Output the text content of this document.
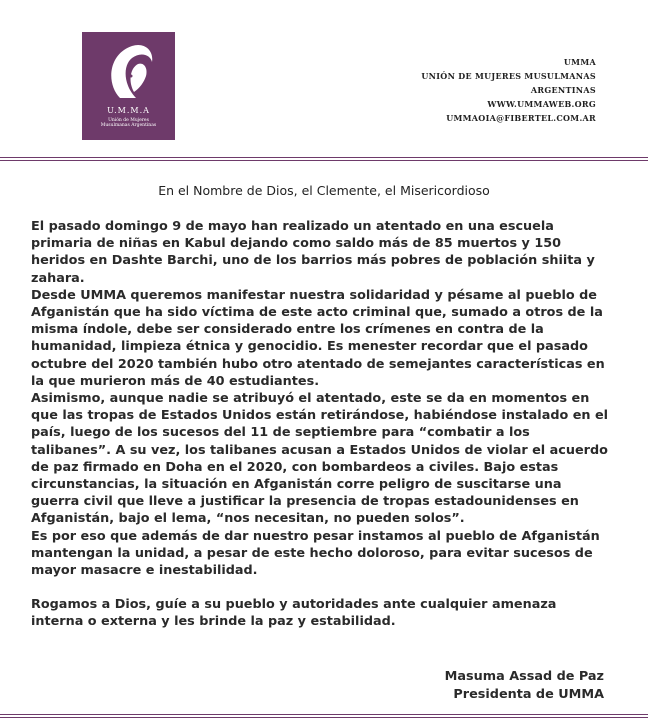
U.M.M.A
Unión de Mujeres
Musulmanas Argentinas
UMMA
UNIÓN DE MUJERES MUSULMANAS
ARGENTINAS
WWW.UMMAWEB.ORG
UMMAOIA@FIBERTEL.COM.AR
En el Nombre de Dios, el Clemente, el Misericordioso

El pasado domingo 9 de mayo han realizado un atentado en una escuela primaria de niñas en Kabul dejando como saldo más de 85 muertos y 150 heridos en Dashte Barchi, uno de los barrios más pobres de población shiita y zahara.

Desde UMMA queremos manifestar nuestra solidaridad y pésame al pueblo de Afganistán que ha sido víctima de este acto criminal que, sumado a otros de la misma índole, debe ser considerado entre los crímenes en contra de la humanidad, limpieza étnica y genocidio. Es menester recordar que el pasado octubre del 2020 también hubo otro atentado de semejantes características en la que murieron más de 40 estudiantes.

Asimismo, aunque nadie se atribuyó el atentado, este se da en momentos en que las tropas de Estados Unidos están retirándose, habiéndose instalado en el país, luego de los sucesos del 11 de septiembre para “combatir a los talibanes”. A su vez, los talibanes acusan a Estados Unidos de violar el acuerdo de paz firmado en Doha en el 2020, con bombardeos a civiles. Bajo estas circunstancias, la situación en Afganistán corre peligro de suscitarse una guerra civil que lleve a justificar la presencia de tropas estadounidenses en Afganistán, bajo el lema, “nos necesitan, no pueden solos”.

Es por eso que además de dar nuestro pesar instamos al pueblo de Afganistán mantengan la unidad, a pesar de este hecho doloroso, para evitar sucesos de mayor masacre e inestabilidad.

Rogamos a Dios, guíe a su pueblo y autoridades ante cualquier amenaza interna o externa y les brinde la paz y estabilidad.

Masuma Assad de Paz
Presidenta de UMMA
